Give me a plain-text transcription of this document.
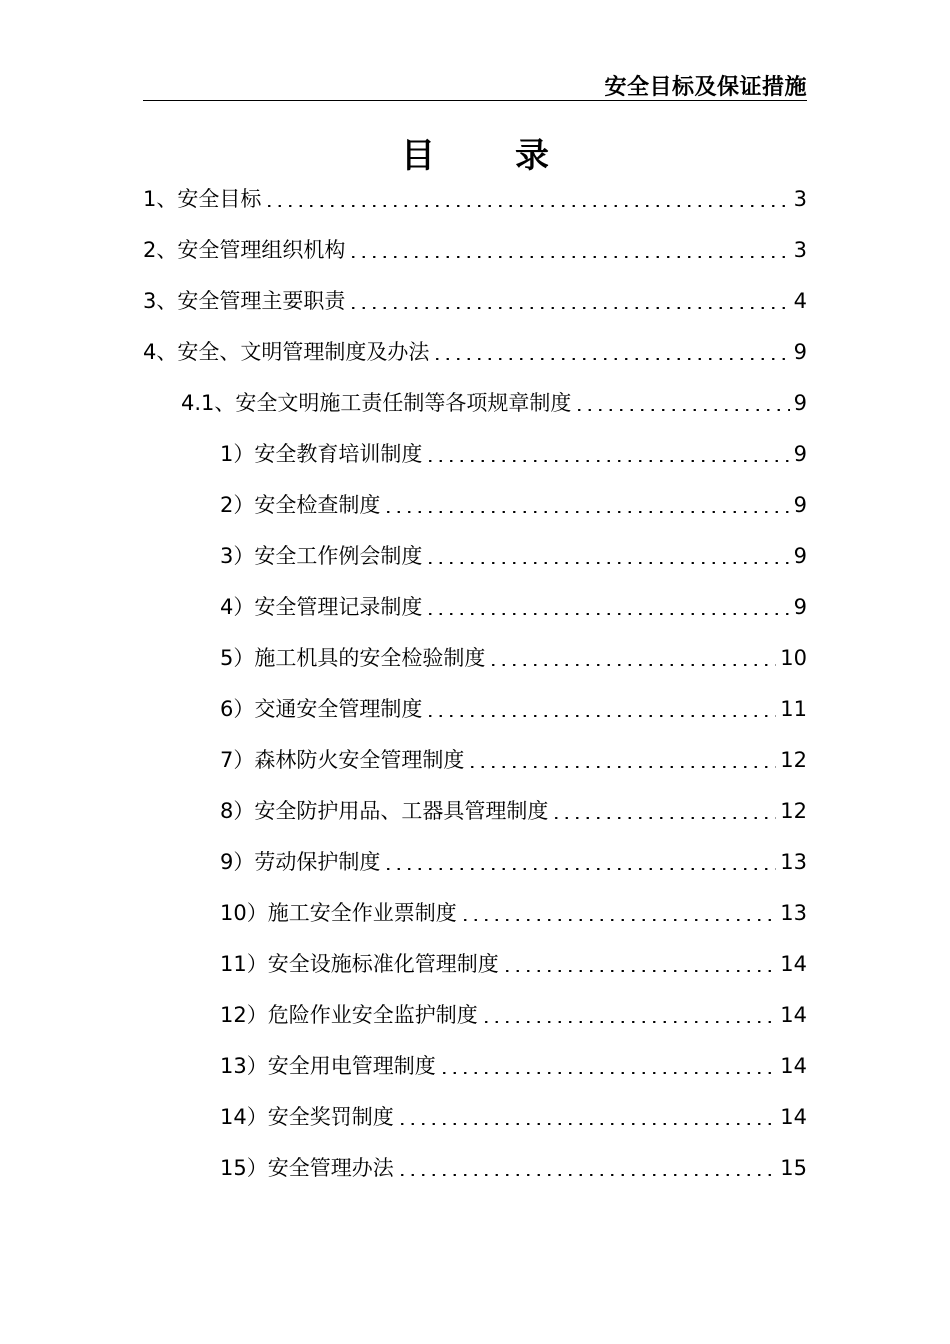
安全目标及保证措施
目录
1、安全目标	3
2、安全管理组织机构	3
3、安全管理主要职责	4
4、安全、文明管理制度及办法	9
4.1、安全文明施工责任制等各项规章制度	9
1）安全教育培训制度	9
2）安全检查制度	9
3）安全工作例会制度	9
4）安全管理记录制度	9
5）施工机具的安全检验制度	10
6）交通安全管理制度	11
7）森林防火安全管理制度	12
8）安全防护用品、工器具管理制度	12
9）劳动保护制度	13
10）施工安全作业票制度	13
11）安全设施标准化管理制度	14
12）危险作业安全监护制度	14
13）安全用电管理制度	14
14）安全奖罚制度	14
15）安全管理办法	15
